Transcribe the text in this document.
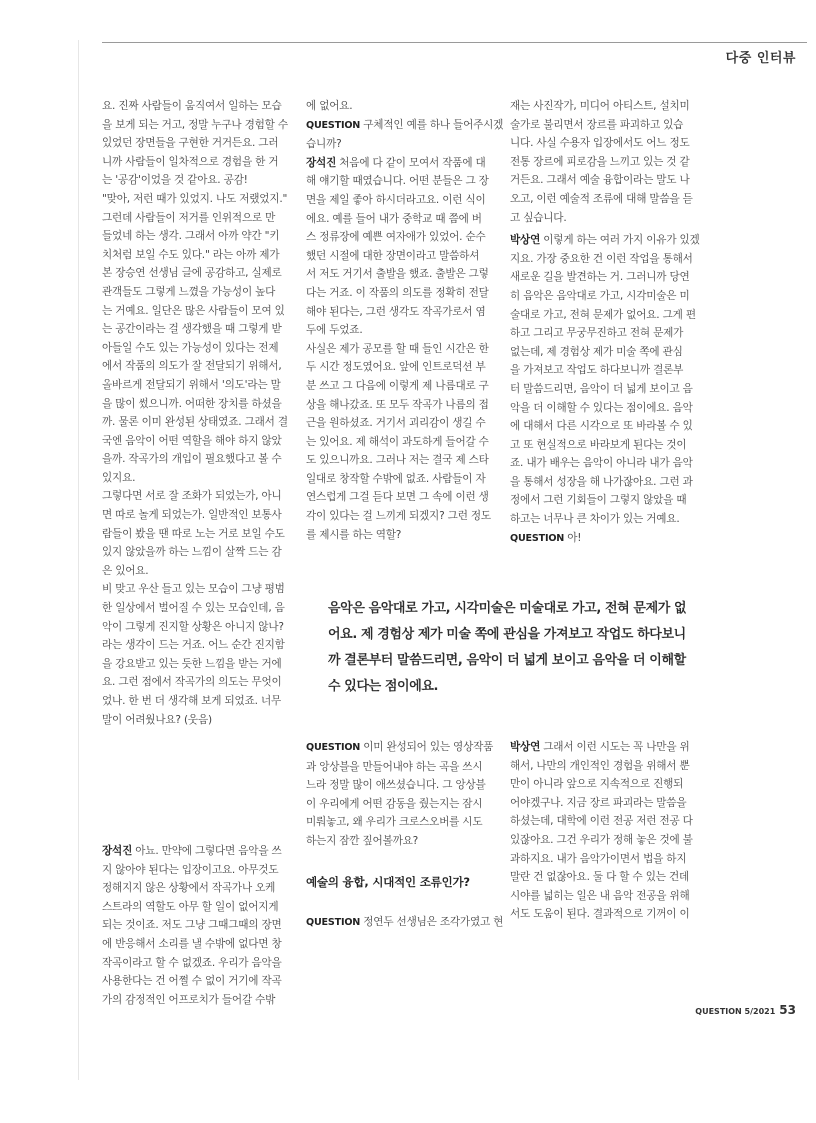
다중 인터뷰

요. 진짜 사람들이 움직여서 일하는 모습

을 보게 되는 거고, 정말 누구나 경험할 수

있었던 장면들을 구현한 거거든요. 그러

니까 사람들이 일차적으로 경험을 한 거

는 '공감'이었을 것 같아요. 공감!

"맞아, 저런 때가 있었지. 나도 저랬었지."

그런데 사람들이 저거를 인위적으로 만

들었네 하는 생각. 그래서 아까 약간 "키

치처럼 보일 수도 있다." 라는 아까 제가

본 장승연 선생님 글에 공감하고, 실제로

관객들도 그렇게 느꼈을 가능성이 높다

는 거예요. 일단은 많은 사람들이 모여 있

는 공간이라는 걸 생각했을 때 그렇게 받

아들일 수도 있는 가능성이 있다는 전제

에서 작품의 의도가 잘 전달되기 위해서,

올바르게 전달되기 위해서 '의도'라는 말

을 많이 썼으니까. 어떠한 장치를 하셨을

까. 물론 이미 완성된 상태였죠. 그래서 결

국엔 음악이 어떤 역할을 해야 하지 않았

을까. 작곡가의 개입이 필요했다고 볼 수

있지요.

그렇다면 서로 잘 조화가 되었는가, 아니

면 따로 놀게 되었는가. 일반적인 보통사

람들이 봤을 땐 따로 노는 거로 보일 수도

있지 않았을까 하는 느낌이 살짝 드는 감

은 있어요.

비 맞고 우산 들고 있는 모습이 그냥 평범

한 일상에서 벌어질 수 있는 모습인데, 음

악이 그렇게 진지할 상황은 아니지 않나?

라는 생각이 드는 거죠. 어느 순간 진지함

을 강요받고 있는 듯한 느낌을 받는 거에

요. 그런 점에서 작곡가의 의도는 무엇이

었나. 한 번 더 생각해 보게 되었죠. 너무

말이 어려웠나요? (웃음)

장석진 아뇨. 만약에 그렇다면 음악을 쓰

지 않아야 된다는 입장이고요. 아무것도

정해지지 않은 상황에서 작곡가나 오케

스트라의 역할도 아무 할 일이 없어지게

되는 것이죠. 저도 그냥 그때그때의 장면

에 반응해서 소리를 낼 수밖에 없다면 창

작곡이라고 할 수 없겠죠. 우리가 음악을

사용한다는 건 어쩔 수 없이 거기에 작곡

가의 감정적인 어프로치가 들어갈 수밖

에 없어요.

QUESTION 구체적인 예를 하나 들어주시겠

습니까?

장석진 처음에 다 같이 모여서 작품에 대

해 얘기할 때였습니다. 어떤 분들은 그 장

면을 제일 좋아 하시더라고요. 이런 식이

에요. 예를 들어 내가 중학교 때 쯤에 버

스 정류장에 예쁜 여자애가 있었어. 순수

했던 시절에 대한 장면이라고 말씀하셔

서 저도 거기서 출발을 했죠. 출발은 그렇

다는 거죠. 이 작품의 의도를 정확히 전달

해야 된다는, 그런 생각도 작곡가로서 염

두에 두었죠.

사실은 제가 공모를 할 때 들인 시간은 한

두 시간 정도였어요. 앞에 인트로덕션 부

분 쓰고 그 다음에 이렇게 제 나름대로 구

상을 해나갔죠. 또 모두 작곡가 나름의 접

근을 원하셨죠. 거기서 괴리감이 생길 수

는 있어요. 제 해석이 과도하게 들어갈 수

도 있으니까요. 그러나 저는 결국 제 스타

일대로 창작할 수밖에 없죠. 사람들이 자

연스럽게 그걸 듣다 보면 그 속에 이런 생

각이 있다는 걸 느끼게 되겠지? 그런 정도

를 제시를 하는 역할?

재는 사진작가, 미디어 아티스트, 설치미

술가로 불리면서 장르를 파괴하고 있습

니다. 사실 수용자 입장에서도 어느 정도

전통 장르에 피로감을 느끼고 있는 것 같

거든요. 그래서 예술 융합이라는 말도 나

오고, 이런 예술적 조류에 대해 말씀을 듣

고 싶습니다.

박상연 이렇게 하는 여러 가지 이유가 있겠

지요. 가장 중요한 건 이런 작업을 통해서

새로운 길을 발견하는 거. 그러니까 당연

히 음악은 음악대로 가고, 시각미술은 미

술대로 가고, 전혀 문제가 없어요. 그게 편

하고 그리고 무궁무진하고 전혀 문제가

없는데, 제 경험상 제가 미술 쪽에 관심

을 가져보고 작업도 하다보니까 결론부

터 말씀드리면, 음악이 더 넓게 보이고 음

악을 더 이해할 수 있다는 점이에요. 음악

에 대해서 다른 시각으로 또 바라볼 수 있

고 또 현실적으로 바라보게 된다는 것이

죠. 내가 배우는 음악이 아니라 내가 음악

을 통해서 성장을 해 나가잖아요. 그런 과

정에서 그런 기회들이 그렇지 않았을 때

하고는 너무나 큰 차이가 있는 거예요.

QUESTION 아!

음악은 음악대로 가고, 시각미술은 미술대로 가고, 전혀 문제가 없

어요. 제 경험상 제가 미술 쪽에 관심을 가져보고 작업도 하다보니

까 결론부터 말씀드리면, 음악이 더 넓게 보이고 음악을 더 이해할

수 있다는 점이에요.

QUESTION 이미 완성되어 있는 영상작품

과 앙상블을 만들어내야 하는 곡을 쓰시

느라 정말 많이 애쓰셨습니다. 그 앙상블

이 우리에게 어떤 감동을 줬는지는 잠시

미뤄놓고, 왜 우리가 크로스오버를 시도

하는지 잠깐 짚어볼까요?

예술의 융합, 시대적인 조류인가?

QUESTION 정연두 선생님은 조각가였고 현

박상연 그래서 이런 시도는 꼭 나만을 위

해서, 나만의 개인적인 경험을 위해서 뿐

만이 아니라 앞으로 지속적으로 진행되

어야겠구나. 지금 장르 파괴라는 말씀을

하셨는데, 대학에 이런 전공 저런 전공 다

있잖아요. 그건 우리가 정해 놓은 것에 불

과하지요. 내가 음악가이면서 법을 하지

말란 건 없잖아요. 둘 다 할 수 있는 건데

시야를 넓히는 일은 내 음악 전공을 위해

서도 도움이 된다. 결과적으로 기꺼이 이

QUESTION 5/2021 53
